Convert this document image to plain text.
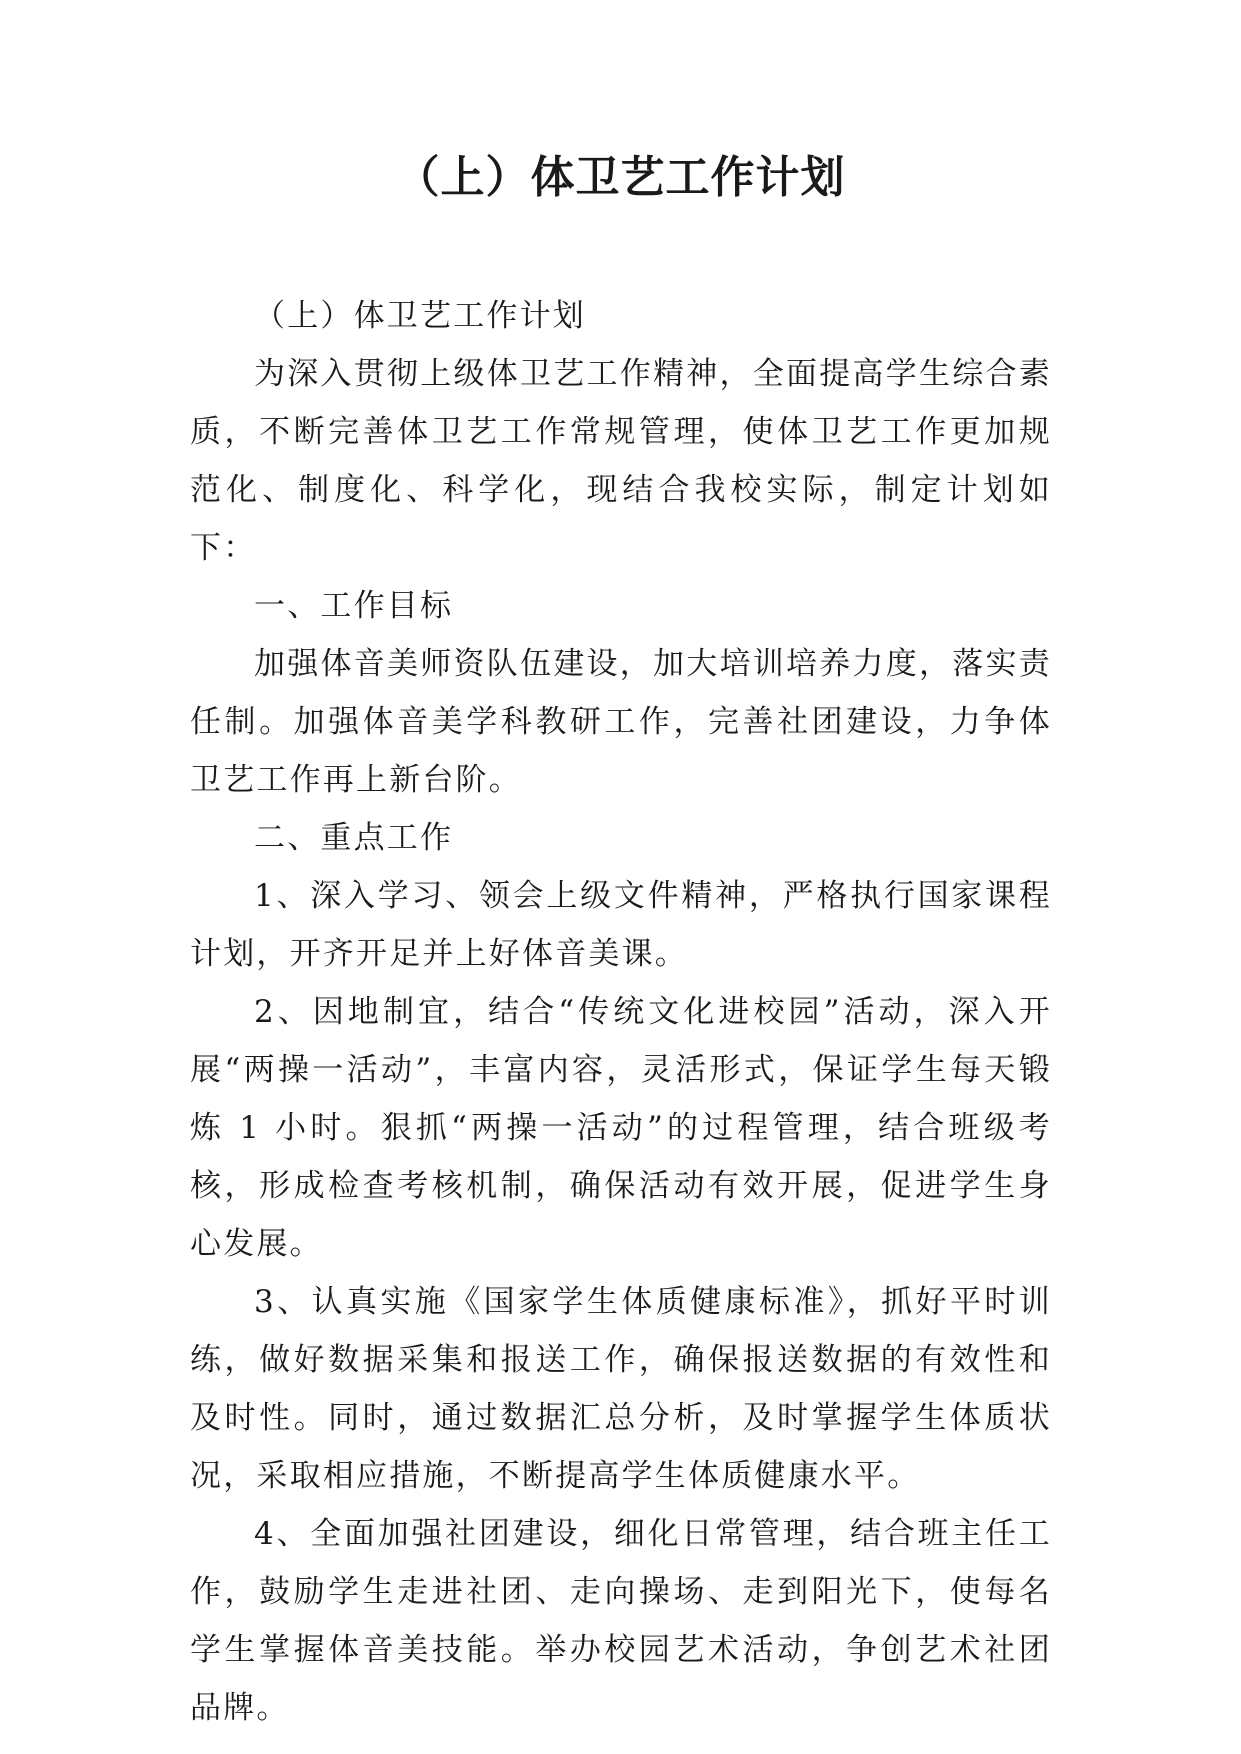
（上）体卫艺工作计划

（上）体卫艺工作计划

为深入贯彻上级体卫艺工作精神，全面提高学生综合素质，不断完善体卫艺工作常规管理，使体卫艺工作更加规范化、制度化、科学化，现结合我校实际，制定计划如下：

一、工作目标

加强体音美师资队伍建设，加大培训培养力度，落实责任制。加强体音美学科教研工作，完善社团建设，力争体卫艺工作再上新台阶。

二、重点工作

1、深入学习、领会上级文件精神，严格执行国家课程计划，开齐开足并上好体音美课。

2、因地制宜，结合“传统文化进校园”活动，深入开展“两操一活动”，丰富内容，灵活形式，保证学生每天锻炼 1 小时。狠抓“两操一活动”的过程管理，结合班级考核，形成检查考核机制，确保活动有效开展，促进学生身心发展。

3、认真实施《国家学生体质健康标准》，抓好平时训练，做好数据采集和报送工作，确保报送数据的有效性和及时性。同时，通过数据汇总分析，及时掌握学生体质状况，采取相应措施，不断提高学生体质健康水平。

4、全面加强社团建设，细化日常管理，结合班主任工作，鼓励学生走进社团、走向操场、走到阳光下，使每名学生掌握体音美技能。举办校园艺术活动，争创艺术社团品牌。
